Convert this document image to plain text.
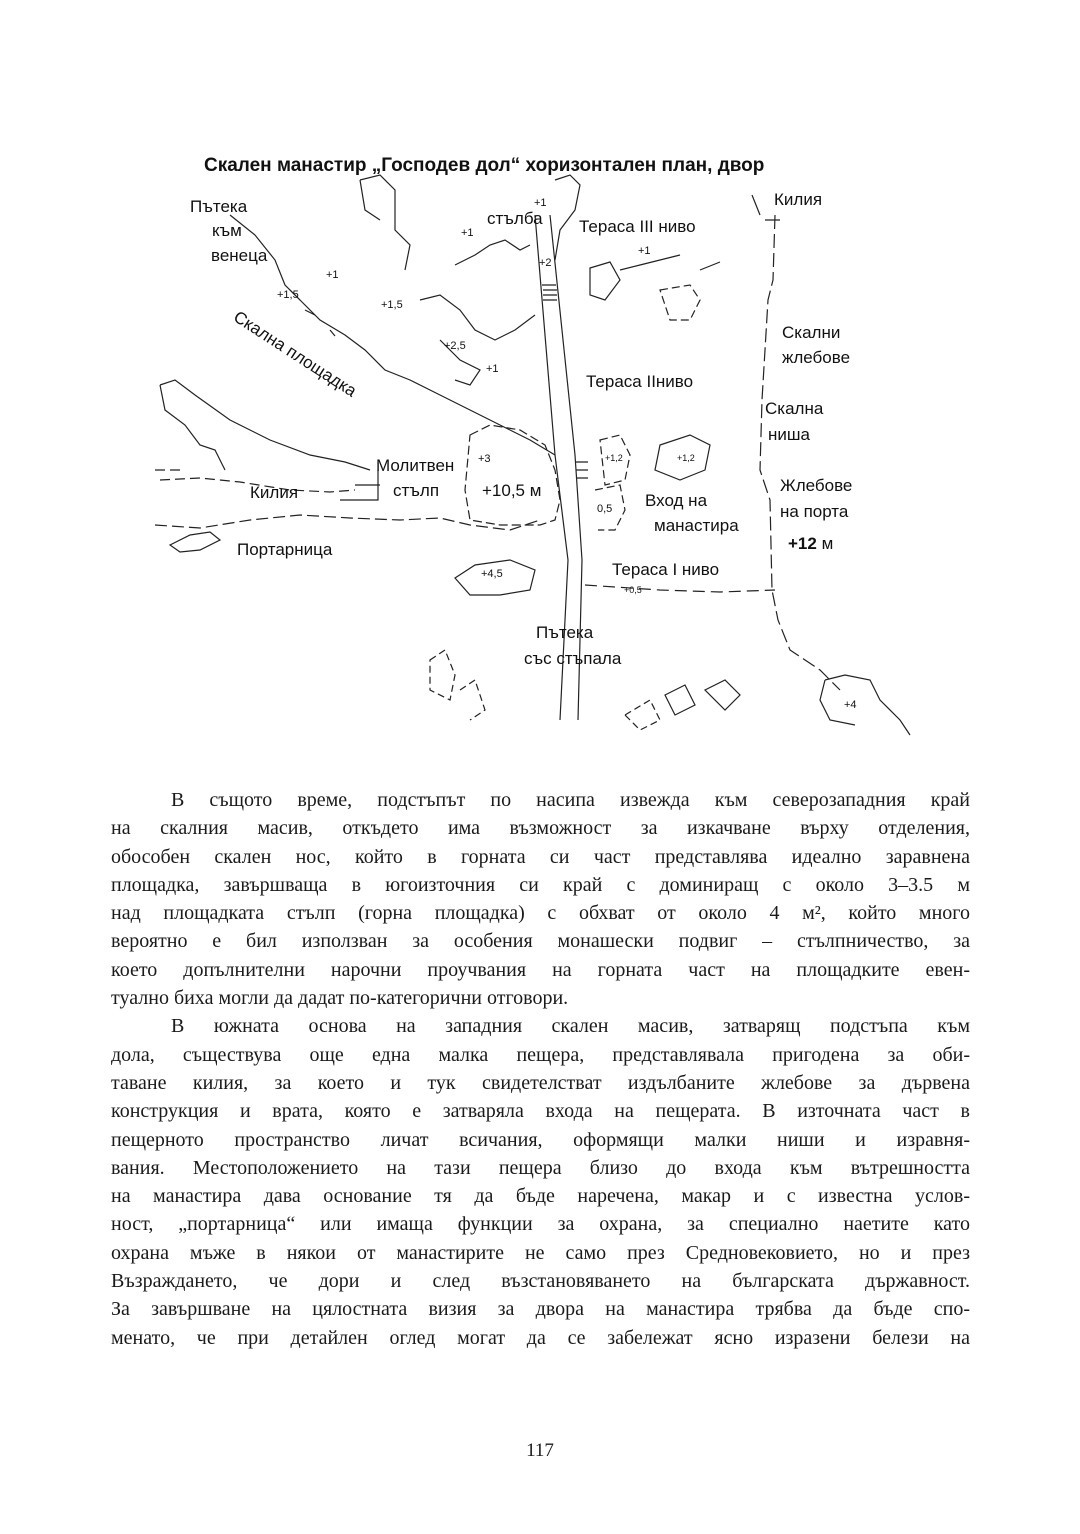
Скален манастир „Господев дол“ хоризонтален план, двор
Пътека
към
венеца
стълба Тераса III ниво
Килия
Скална площадка	Скални
жлебове
Тераса IIниво
Скална
ниша
Молитвен
стълп	+10,5 м
Килия	Вход на
манастира
Жлебове
на порта
+12 м
Портарница
Тераса I ниво
Пътека
със стъпала
+1
+1
+2
+1
+1
+1,5
+1,5
+2,5
+1
+3	+1,2	+1,2
0,5
+4,5
+0,5
+4
В същото време, подстъпът по насипа извежда към северозападния край
на скалния масив, откъдето има възможност за изкачване върху отделения,
обособен скален нос, който в горната си част представлява идеално заравнена
площадка, завършваща в югоизточния си край с доминиращ с около 3–3.5 м
над площадката стълп (горна площадка) с обхват от около 4 м², който много
вероятно е бил използван за особения монашески подвиг – стълпничество, за
което допълнителни нарочни проучвания на горната част на площадките евен-
туално биха могли да дадат по-категорични отговори.
В южната основа на западния скален масив, затварящ подстъпа към
дола, съществува още една малка пещера, представлявала пригодена за оби-
таване килия, за което и тук свидетелстват издълбаните жлебове за дървена
конструкция и врата, която е затваряла входа на пещерата. В източната част в
пещерното пространство личат всичания, оформящи малки ниши и изравня-
вания. Местоположението на тази пещера близо до входа към вътрешността
на манастира дава основание тя да бъде наречена, макар и с известна услов-
ност, „портарница“ или имаща функции за охрана, за специално наетите като
охрана мъже в някои от манастирите не само през Средновековието, но и през
Възраждането, че дори и след възстановяването на българската държавност.
За завършване на цялостната визия за двора на манастира трябва да бъде спо-
менато, че при детайлен оглед могат да се забележат ясно изразени белези на
117
